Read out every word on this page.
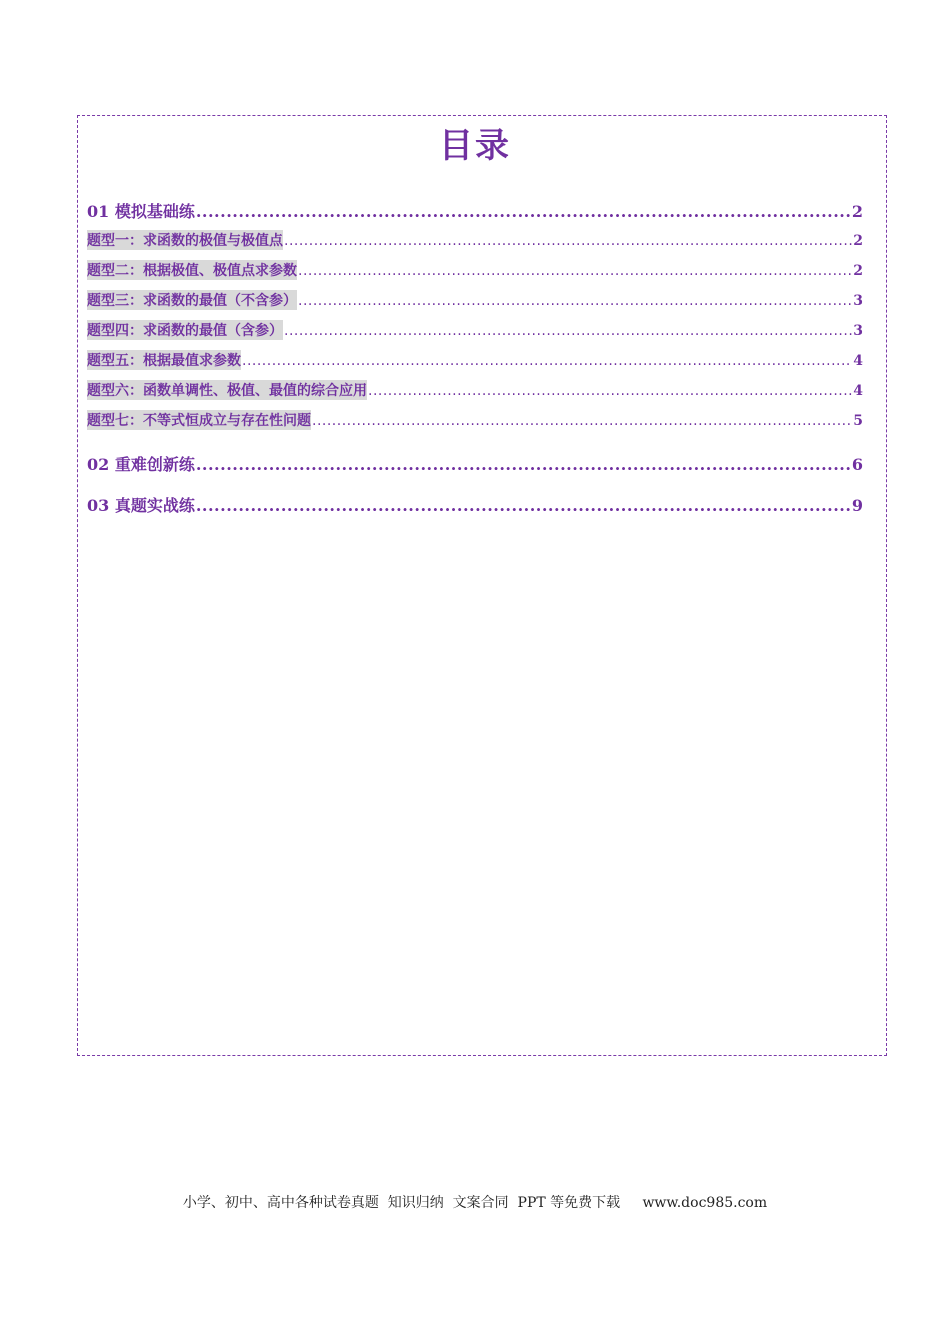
目录
01 模拟基础练 .....	2
题型一：求函数的极值与极值点 .....	2
题型二：根据极值、极值点求参数 .....	2
题型三：求函数的最值（不含参） .....	3
题型四：求函数的最值（含参） .....	3
题型五：根据最值求参数 .....	4
题型六：函数单调性、极值、最值的综合应用 .....	4
题型七：不等式恒成立与存在性问题 .....	5
02 重难创新练 .....	6
03 真题实战练 .....	9
小学、初中、高中各种试卷真题  知识归纳  文案合同  PPT 等免费下载     www.doc985.com
